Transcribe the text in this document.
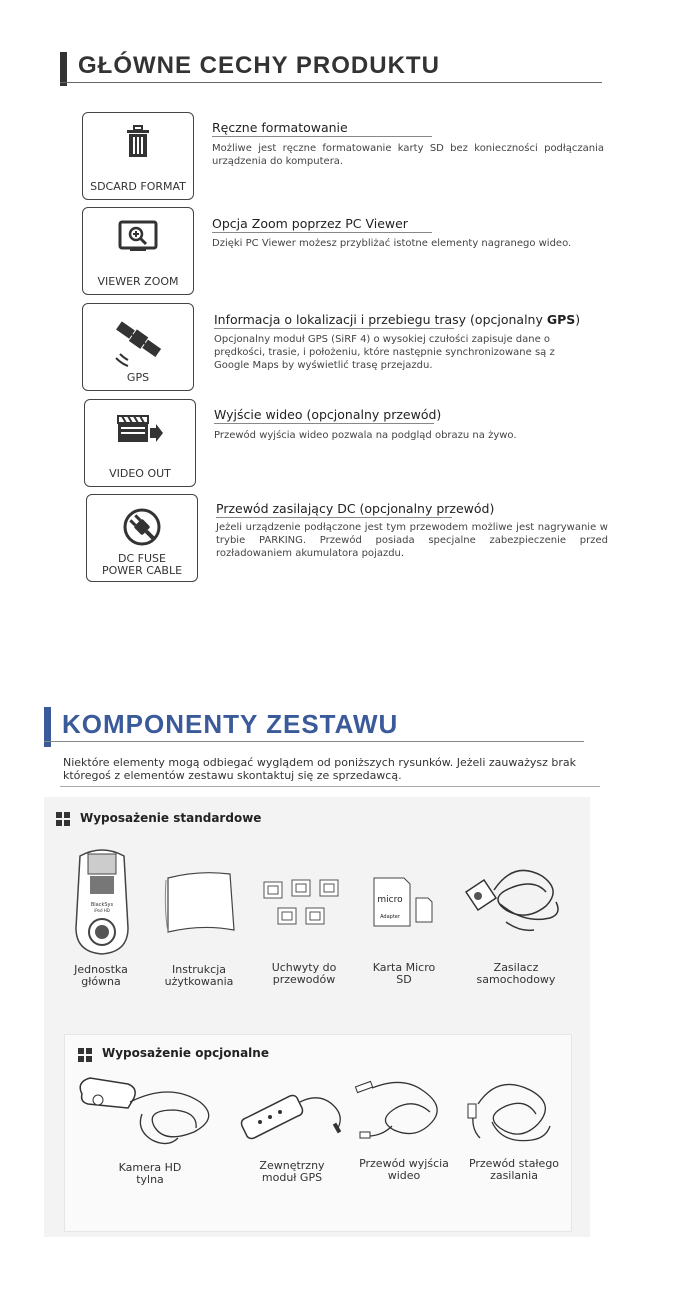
GŁÓWNE CECHY PRODUKTU
SDCARD FORMAT
Ręczne formatowanie
Możliwe jest ręczne formatowanie karty SD bez konieczności podłączania urządzenia do komputera.
VIEWER ZOOM
Opcja Zoom poprzez PC Viewer
Dzięki PC Viewer możesz przybliżać istotne elementy nagranego wideo.
GPS
Informacja o lokalizacji i przebiegu trasy (opcjonalny GPS)
Opcjonalny moduł GPS (SiRF 4) o wysokiej czułości zapisuje dane o prędkości, trasie, i położeniu, które następnie synchronizowane są z Google Maps by wyświetlić trasę przejazdu.
VIDEO OUT
Wyjście wideo (opcjonalny przewód)
Przewód wyjścia wideo pozwala na podgląd obrazu na żywo.
DC FUSE
POWER CABLE
Przewód zasilający DC (opcjonalny przewód)
Jeżeli urządzenie podłączone jest tym przewodem możliwe jest nagrywanie w trybie PARKING. Przewód posiada specjalne zabezpieczenie przed rozładowaniem akumulatora pojazdu.
KOMPONENTY ZESTAWU
Niektóre elementy mogą odbiegać wyglądem od poniższych rysunków. Jeżeli zauważysz brak któregoś z elementów zestawu skontaktuj się ze sprzedawcą.
Wyposażenie standardowe
BlackSys
iPod HD
micro
Adapter
Jednostka
główna
Instrukcja
użytkowania
Uchwyty do
przewodów
Karta Micro
SD
Zasilacz
samochodowy
Wyposażenie opcjonalne
Kamera HD
tylna
Zewnętrzny
moduł GPS
Przewód wyjścia
wideo
Przewód stałego
zasilania
